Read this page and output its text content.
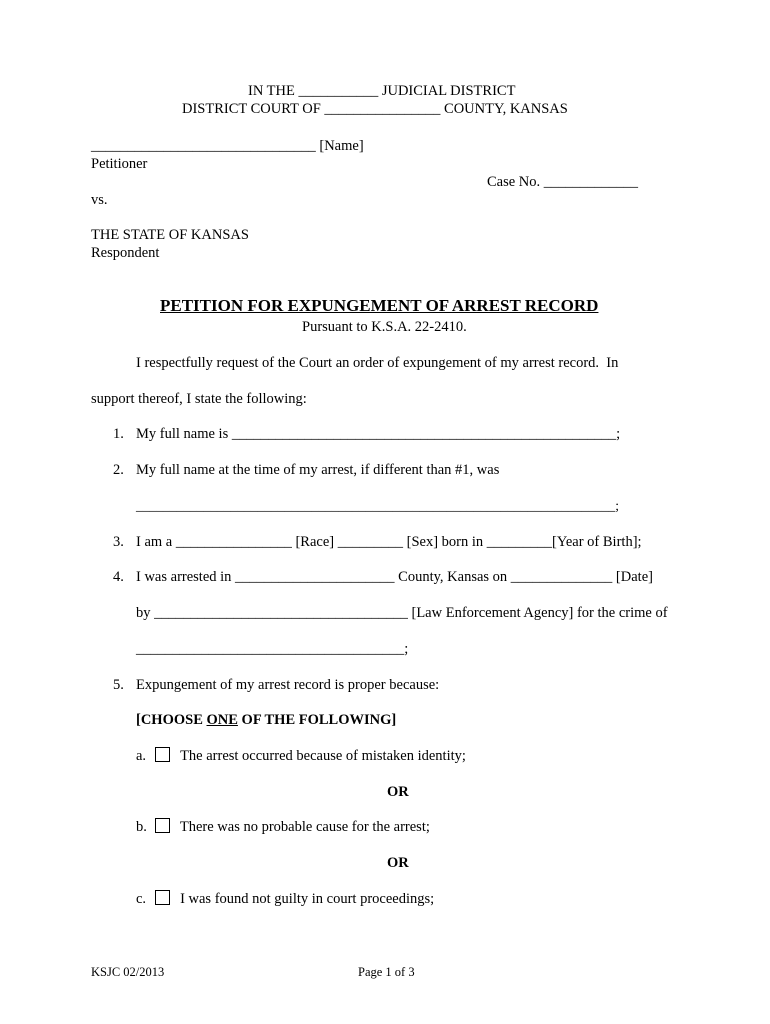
IN THE ___________ JUDICIAL DISTRICT
DISTRICT COURT OF ________________ COUNTY, KANSAS
_______________________________ [Name]
Petitioner
Case No. _____________
vs.
THE STATE OF KANSAS
Respondent
PETITION FOR EXPUNGEMENT OF ARREST RECORD
Pursuant to K.S.A. 22-2410.
I respectfully request of the Court an order of expungement of my arrest record.  In
support thereof, I state the following:
1. My full name is _____________________________________________________;
2. My full name at the time of my arrest, if different than #1, was
_______________________________________________________________________;
3. I am a ________________ [Race] _________ [Sex] born in _________[Year of Birth];
4. I was arrested in ______________________ County, Kansas on ______________ [Date]
by ___________________________________ [Law Enforcement Agency] for the crime of
_____________________________________;
5. Expungement of my arrest record is proper because:
[CHOOSE ONE OF THE FOLLOWING]
a. The arrest occurred because of mistaken identity;
OR
b. There was no probable cause for the arrest;
OR
c. I was found not guilty in court proceedings;
KSJC 02/2013	Page 1 of 3
